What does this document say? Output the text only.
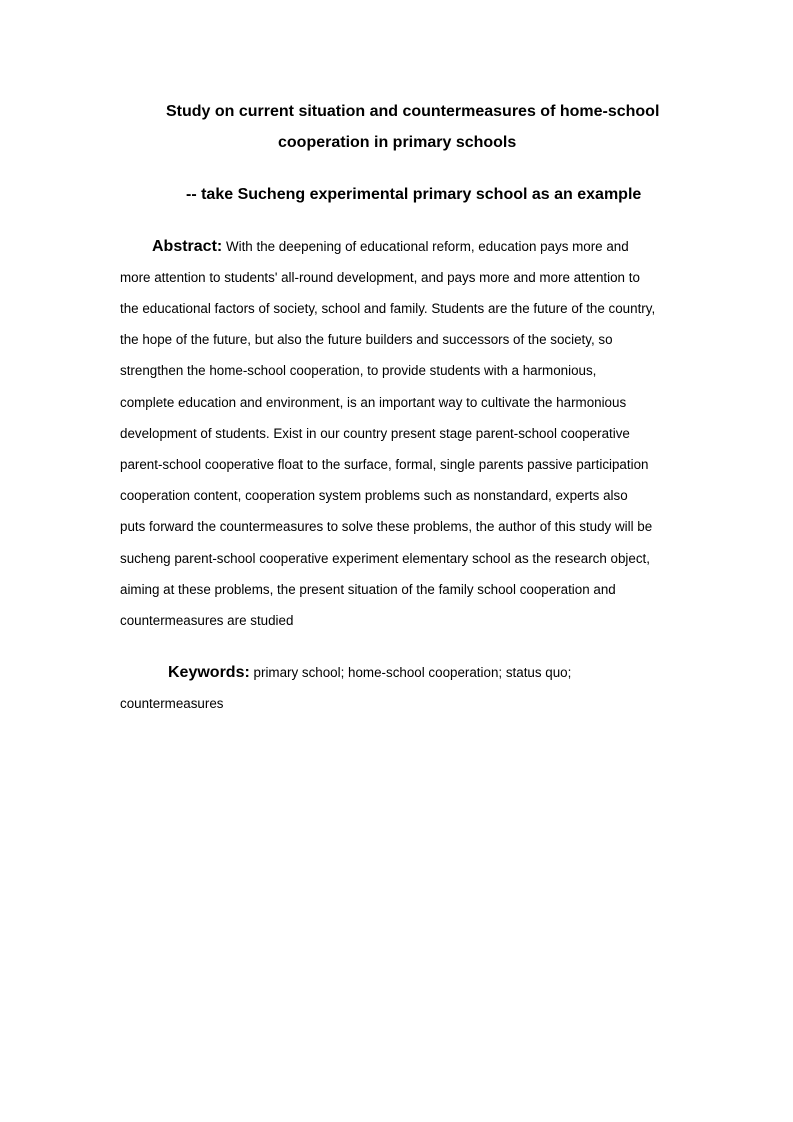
Study on current situation and countermeasures of home-school
cooperation in primary schools
-- take Sucheng experimental primary school as an example
Abstract: With the deepening of educational reform, education pays more and
more attention to students' all-round development, and pays more and more attention to
the educational factors of society, school and family. Students are the future of the country,
the hope of the future, but also the future builders and successors of the society, so
strengthen the home-school cooperation, to provide students with a harmonious,
complete education and environment, is an important way to cultivate the harmonious
development of students. Exist in our country present stage parent-school cooperative
parent-school cooperative float to the surface, formal, single parents passive participation
cooperation content, cooperation system problems such as nonstandard, experts also
puts forward the countermeasures to solve these problems, the author of this study will be
sucheng parent-school cooperative experiment elementary school as the research object,
aiming at these problems, the present situation of the family school cooperation and
countermeasures are studied
Keywords: primary school; home-school cooperation; status quo;
countermeasures
